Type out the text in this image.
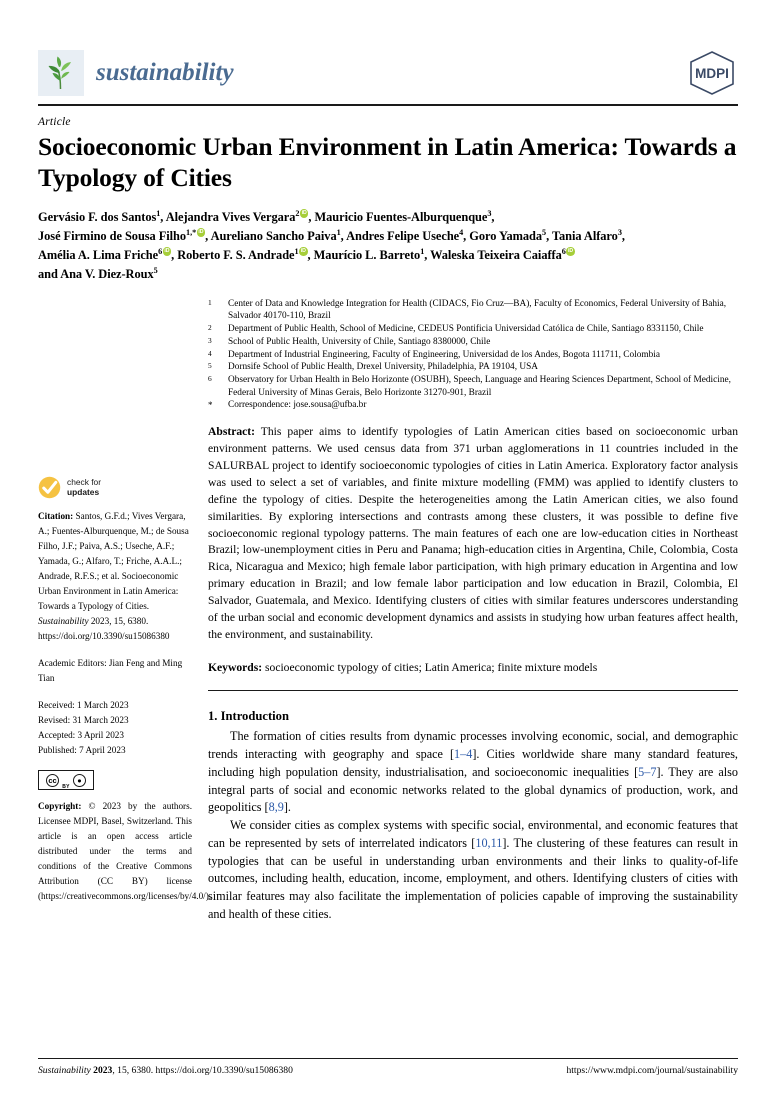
sustainability	MDPI
Article
Socioeconomic Urban Environment in Latin America: Towards a Typology of Cities
Gervásio F. dos Santos$^1$, Alejandra Vives Vergara$^2$ iD , Mauricio Fuentes-Alburquenque$^3$,
José Firmino de Sousa Filho$^{1,*}$ iD , Aureliano Sancho Paiva$^1$, Andres Felipe Useche$^4$, Goro Yamada$^5$, Tania Alfaro$^3$,
Amélia A. Lima Friche$^6$ iD , Roberto F. S. Andrade$^1$ iD , Maurício L. Barreto$^1$, Waleska Teixeira Caiaffa$^6$iD
and Ana V. Diez-Roux$^5$
1	Center of Data and Knowledge Integration for Health (CIDACS, Fio Cruz—BA), Faculty of Economics, Federal University of Bahia, Salvador 40170-110, Brazil
2	Department of Public Health, School of Medicine, CEDEUS Pontificia Universidad Católica de Chile, Santiago 8331150, Chile
3	School of Public Health, University of Chile, Santiago 8380000, Chile
4	Department of Industrial Engineering, Faculty of Engineering, Universidad de los Andes, Bogota 111711, Colombia
5	Dornsife School of Public Health, Drexel University, Philadelphia, PA 19104, USA
6	Observatory for Urban Health in Belo Horizonte (OSUBH), Speech, Language and Hearing Sciences Department, School of Medicine, Federal University of Minas Gerais, Belo Horizonte 31270-901, Brazil
*	Correspondence: jose.sousa@ufba.br
check for
updates
Citation: Santos, G.F.d.; Vives Vergara, A.; Fuentes-Alburquenque, M.; de Sousa Filho, J.F.; Paiva, A.S.; Useche, A.F.; Yamada, G.; Alfaro, T.; Friche, A.A.L.; Andrade, R.F.S.; et al. Socioeconomic Urban Environment in Latin America: Towards a Typology of Cities. Sustainability 2023, 15, 6380. https://doi.org/10.3390/su15086380
Academic Editors: Jian Feng and Ming Tian
Received: 1 March 2023
Revised: 31 March 2023
Accepted: 3 April 2023
Published: 7 April 2023
cc	●
BY
Copyright: © 2023 by the authors. Licensee MDPI, Basel, Switzerland. This article is an open access article distributed under the terms and conditions of the Creative Commons Attribution (CC BY) license (https://creativecommons.org/licenses/by/4.0/).
Abstract: This paper aims to identify typologies of Latin American cities based on socioeconomic urban environment patterns. We used census data from 371 urban agglomerations in 11 countries included in the SALURBAL project to identify socioeconomic typologies of cities in Latin America. Exploratory factor analysis was used to select a set of variables, and finite mixture modelling (FMM) was applied to identify clusters to define the typology of cities. Despite the heterogeneities among the Latin American cities, we also found similarities. By exploring intersections and contrasts among these clusters, it was possible to define five socioeconomic regional typology patterns. The main features of each one are low-education cities in Northeast Brazil; low-unemployment cities in Peru and Panama; high-education cities in Argentina, Chile, Colombia, Costa Rica, Nicaragua and Mexico; high female labor participation, with high primary education in Argentina and low primary education in Brazil; and low female labor participation and low education in Brazil, Colombia, El Salvador, Guatemala, and Mexico. Identifying clusters of cities with similar features underscores understanding of the urban social and economic development dynamics and assists in studying how urban features affect health, the environment, and sustainability.
Keywords: socioeconomic typology of cities; Latin America; finite mixture models
1. Introduction

The formation of cities results from dynamic processes involving economic, social, and demographic trends interacting with geography and space [1–4]. Cities worldwide share many standard features, including high population density, industrialisation, and socioeconomic inequalities [5–7]. They are also integral parts of social and economic networks related to the global dynamics of production, work, and geopolitics [8,9].

We consider cities as complex systems with specific social, environmental, and economic features that can be represented by sets of interrelated indicators [10,11]. The clustering of these features can result in typologies that can be useful in understanding urban environments and their links to quality-of-life outcomes, including health, education, income, employment, and others. Identifying clusters of cities with similar features may also facilitate the implementation of policies capable of improving the sustainability and health of these cities.

Sustainability 2023, 15, 6380. https://doi.org/10.3390/su15086380	https://www.mdpi.com/journal/sustainability
